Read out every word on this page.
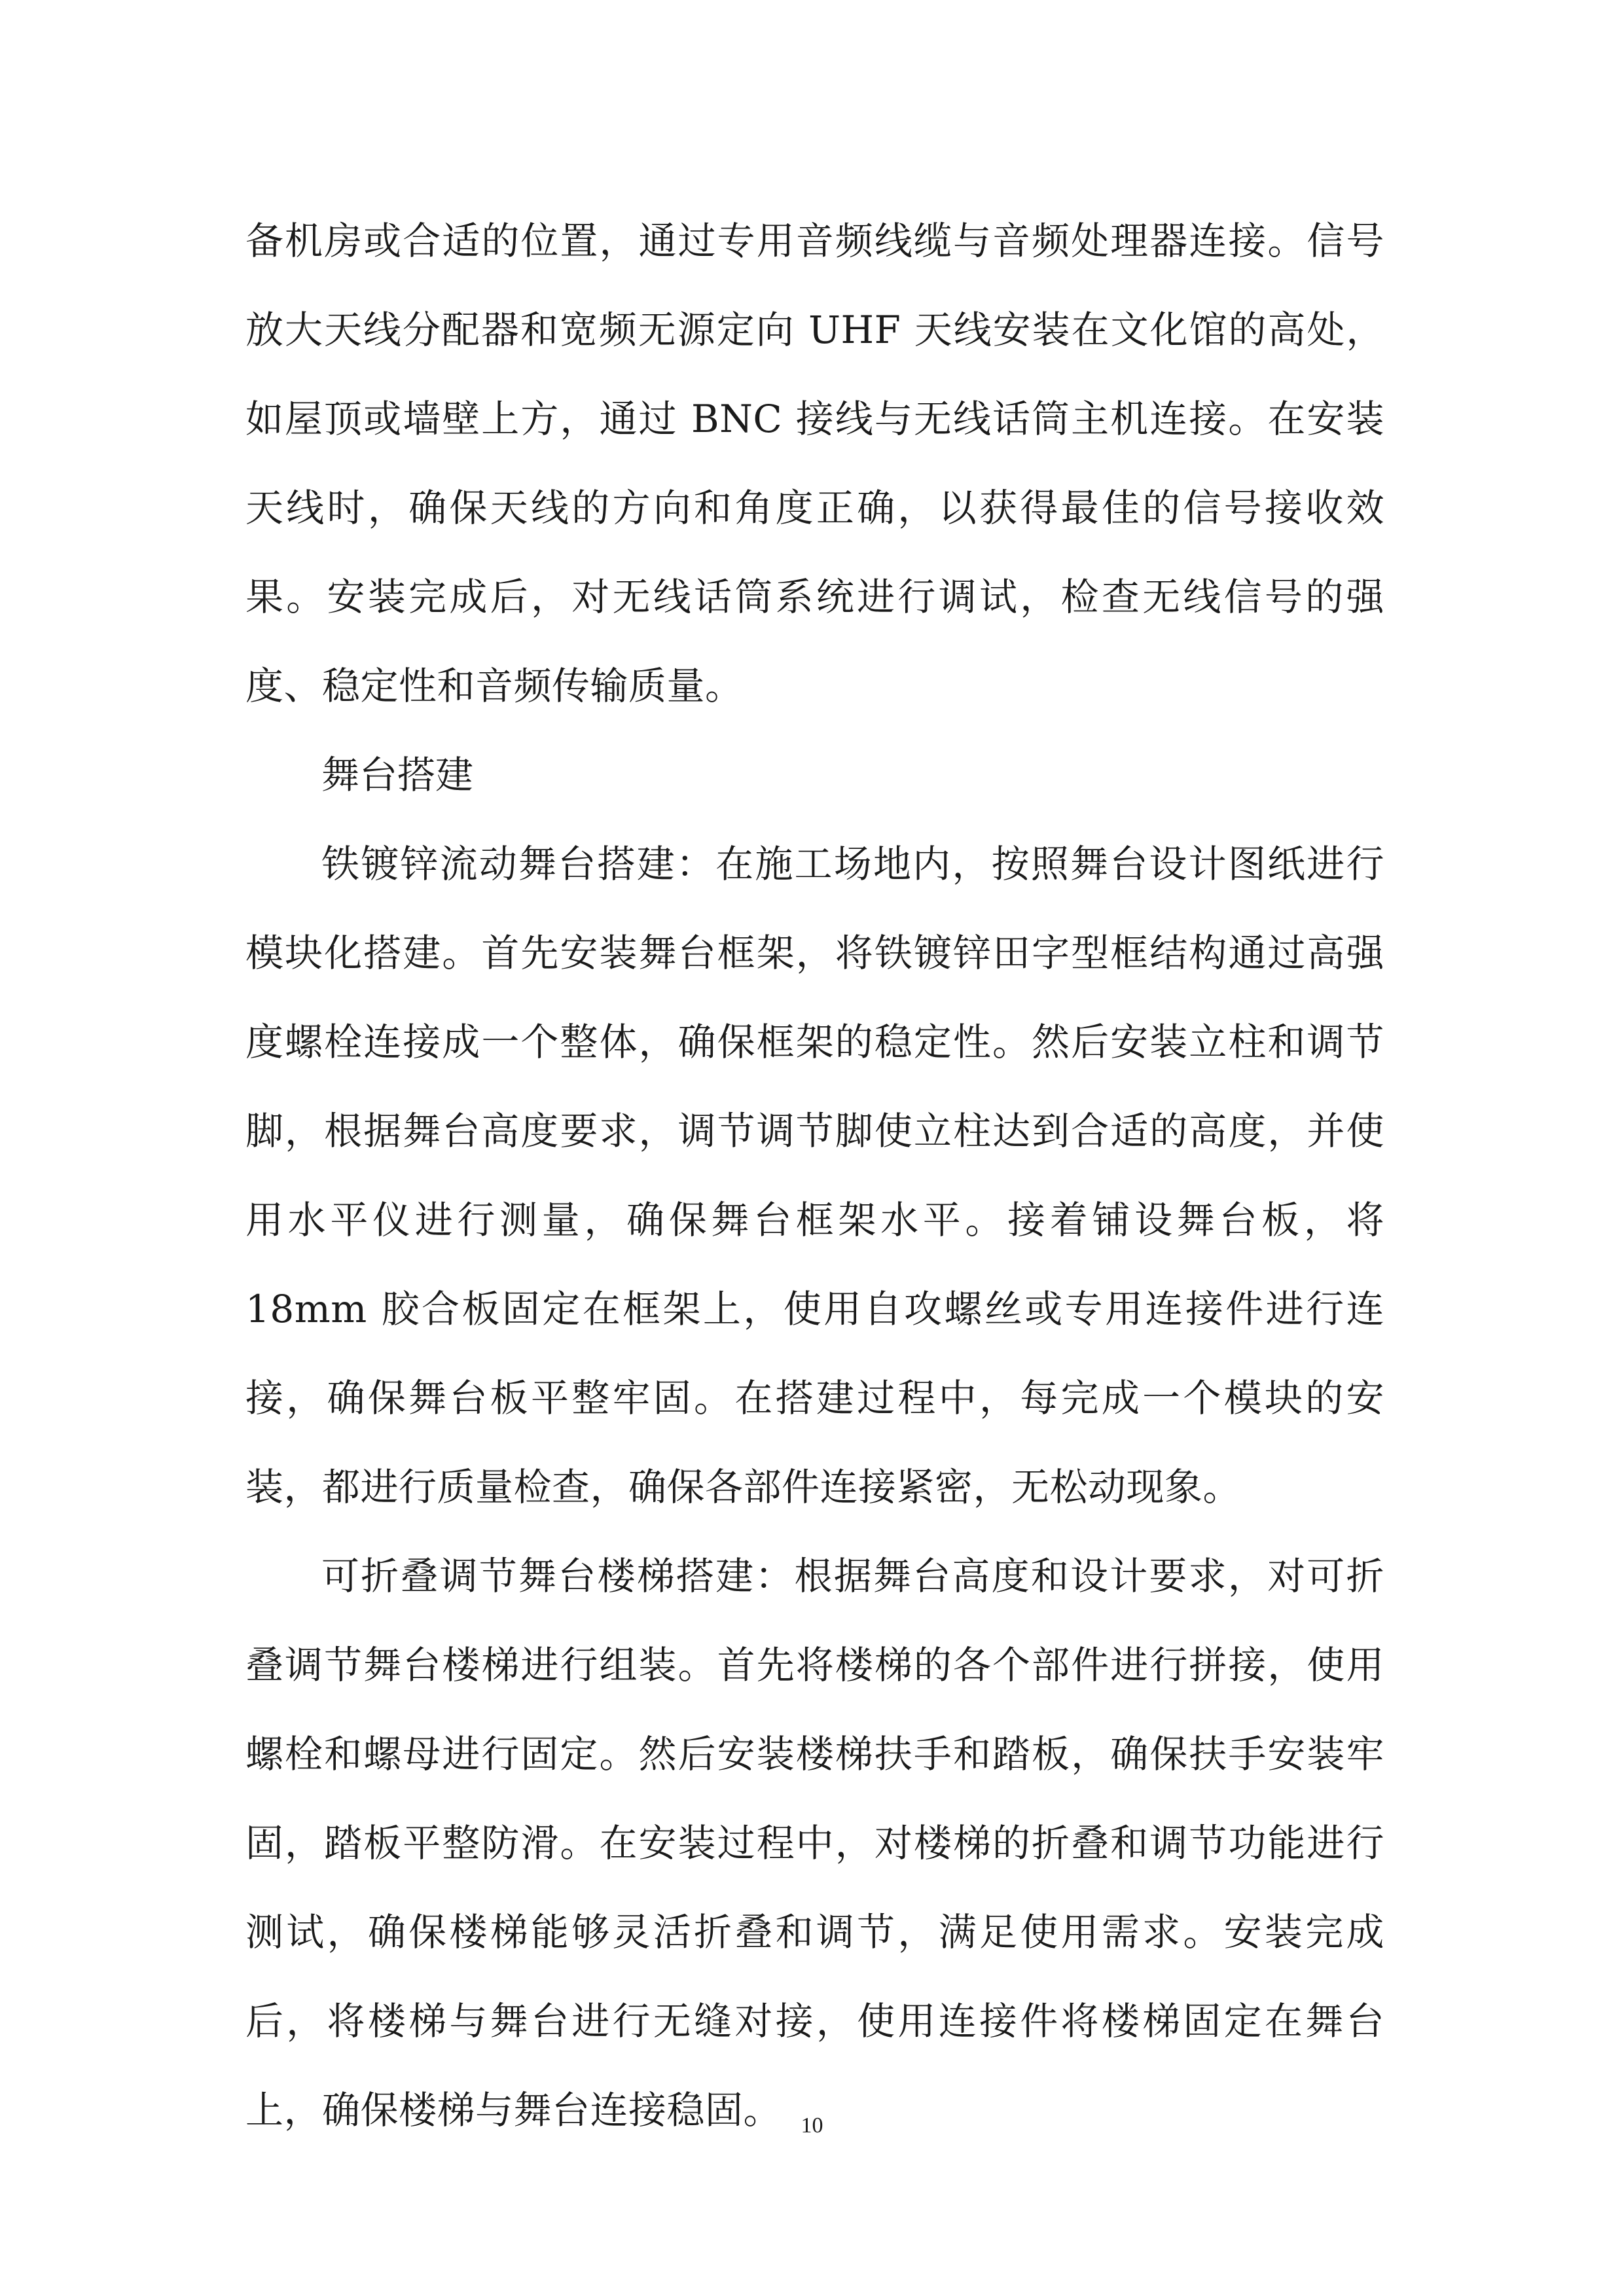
备机房或合适的位置，通过专用音频线缆与音频处理器连接。信号放大天线分配器和宽频无源定向 UHF 天线安装在文化馆的高处，如屋顶或墙壁上方，通过 BNC 接线与无线话筒主机连接。在安装天线时，确保天线的方向和角度正确，以获得最佳的信号接收效果。安装完成后，对无线话筒系统进行调试，检查无线信号的强度、稳定性和音频传输质量。

舞台搭建

铁镀锌流动舞台搭建：在施工场地内，按照舞台设计图纸进行模块化搭建。首先安装舞台框架，将铁镀锌田字型框结构通过高强度螺栓连接成一个整体，确保框架的稳定性。然后安装立柱和调节脚，根据舞台高度要求，调节调节脚使立柱达到合适的高度，并使用水平仪进行测量，确保舞台框架水平。接着铺设舞台板，将 18mm 胶合板固定在框架上，使用自攻螺丝或专用连接件进行连接，确保舞台板平整牢固。在搭建过程中，每完成一个模块的安装，都进行质量检查，确保各部件连接紧密，无松动现象。

可折叠调节舞台楼梯搭建：根据舞台高度和设计要求，对可折叠调节舞台楼梯进行组装。首先将楼梯的各个部件进行拼接，使用螺栓和螺母进行固定。然后安装楼梯扶手和踏板，确保扶手安装牢固，踏板平整防滑。在安装过程中，对楼梯的折叠和调节功能进行测试，确保楼梯能够灵活折叠和调节，满足使用需求。安装完成后，将楼梯与舞台进行无缝对接，使用连接件将楼梯固定在舞台上，确保楼梯与舞台连接稳固。 10
